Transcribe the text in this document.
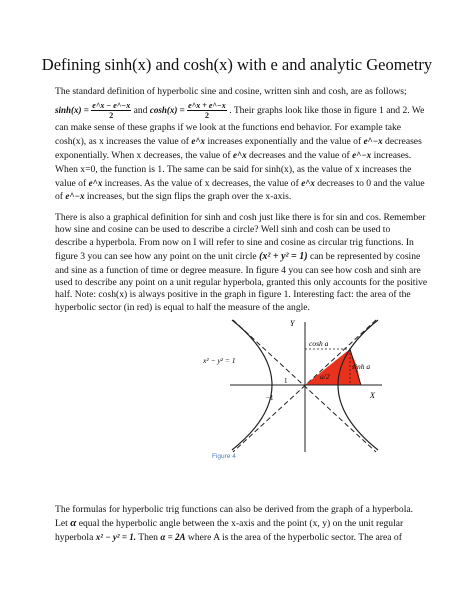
Defining sinh(x) and cosh(x) with e and analytic Geometry
The standard definition of hyperbolic sine and cosine, written sinh and cosh, are as follows;
$\sinh(x) = \frac{e\^{}x - e\^{}-x}{2}$ and $\cosh(x) = \frac{e\^{}x + e\^{}-x}{2}$ . Their graphs look like those in figure 1 and 2. We
can make sense of these graphs if we look at the functions end behavior. For example take
cosh(x), as x increases the value of e^x increases exponentially and the value of e^−x decreases
exponentially. When x decreases, the value of e^x decreases and the value of e^−x increases.
When x=0, the function is 1. The same can be said for sinh(x), as the value of x increases the
value of e^x increases. As the value of x decreases, the value of e^x decreases to 0 and the value
of e^−x increases, but the sign flips the graph over the x-axis.
There is also a graphical definition for sinh and cosh just like there is for sin and cos. Remember
how sine and cosine can be used to describe a circle? Well sinh and cosh can be used to
describe a hyperbola. From now on I will refer to sine and cosine as circular trig functions. In
figure 3 you can see how any point on the unit circle (x² + y² = 1) can be represented by cosine
and sine as a function of time or degree measure. In figure 4 you can see how cosh and sinh are
used to describe any point on a unit regular hyperbola, granted this only accounts for the positive
half. Note: cosh(x) is always positive in the graph in figure 1. Interesting fact: the area of the
hyperbolic sector (in red) is equal to half the measure of the angle.
Y
X
x² − y² = 1
cosh a
sinh a
a/2
1
−1
Figure 4
The formulas for hyperbolic trig functions can also be derived from the graph of a hyperbola.
Let α equal the hyperbolic angle between the x-axis and the point (x, y) on the unit regular
hyperbola x² − y² = 1. Then α = 2A where A is the area of the hyperbolic sector. The area of
